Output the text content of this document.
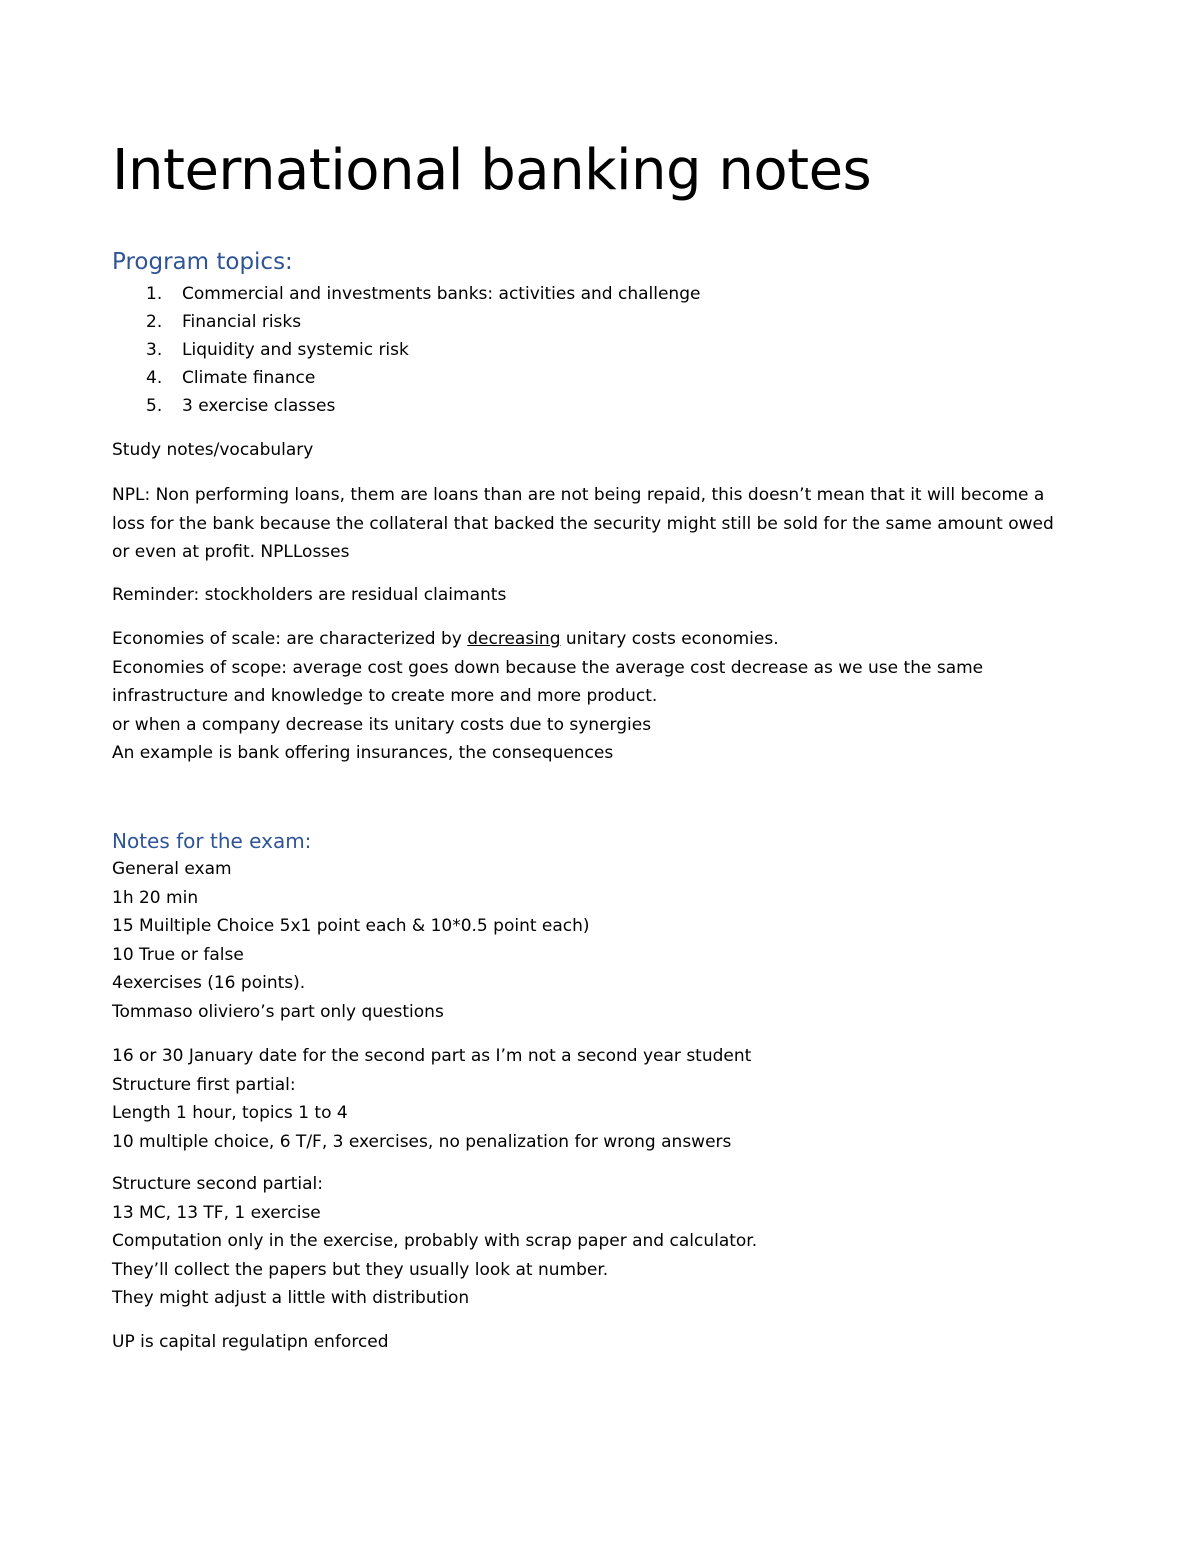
International banking notes
Program topics:
1. Commercial and investments banks: activities and challenge
2. Financial risks
3. Liquidity and systemic risk
4. Climate finance
5. 3 exercise classes

Study notes/vocabulary

NPL: Non performing loans, them are loans than are not being repaid, this doesn’t mean that it will become a
loss for the bank because the collateral that backed the security might still be sold for the same amount owed
or even at profit. NPLLosses

Reminder: stockholders are residual claimants

Economies of scale: are characterized by decreasing unitary costs economies.
Economies of scope: average cost goes down because the average cost decrease as we use the same
infrastructure and knowledge to create more and more product.
or when a company decrease its unitary costs due to synergies
An example is bank offering insurances, the consequences

Notes for the exam:

General exam
1h 20 min
15 Muiltiple Choice 5x1 point each & 10*0.5 point each)
10 True or false
4exercises (16 points).
Tommaso oliviero’s part only questions

16 or 30 January date for the second part as I’m not a second year student
Structure first partial:
Length 1 hour, topics 1 to 4
10 multiple choice, 6 T/F, 3 exercises, no penalization for wrong answers

Structure second partial:
13 MC, 13 TF, 1 exercise
Computation only in the exercise, probably with scrap paper and calculator.
They’ll collect the papers but they usually look at number.
They might adjust a little with distribution

UP is capital regulatipn enforced
